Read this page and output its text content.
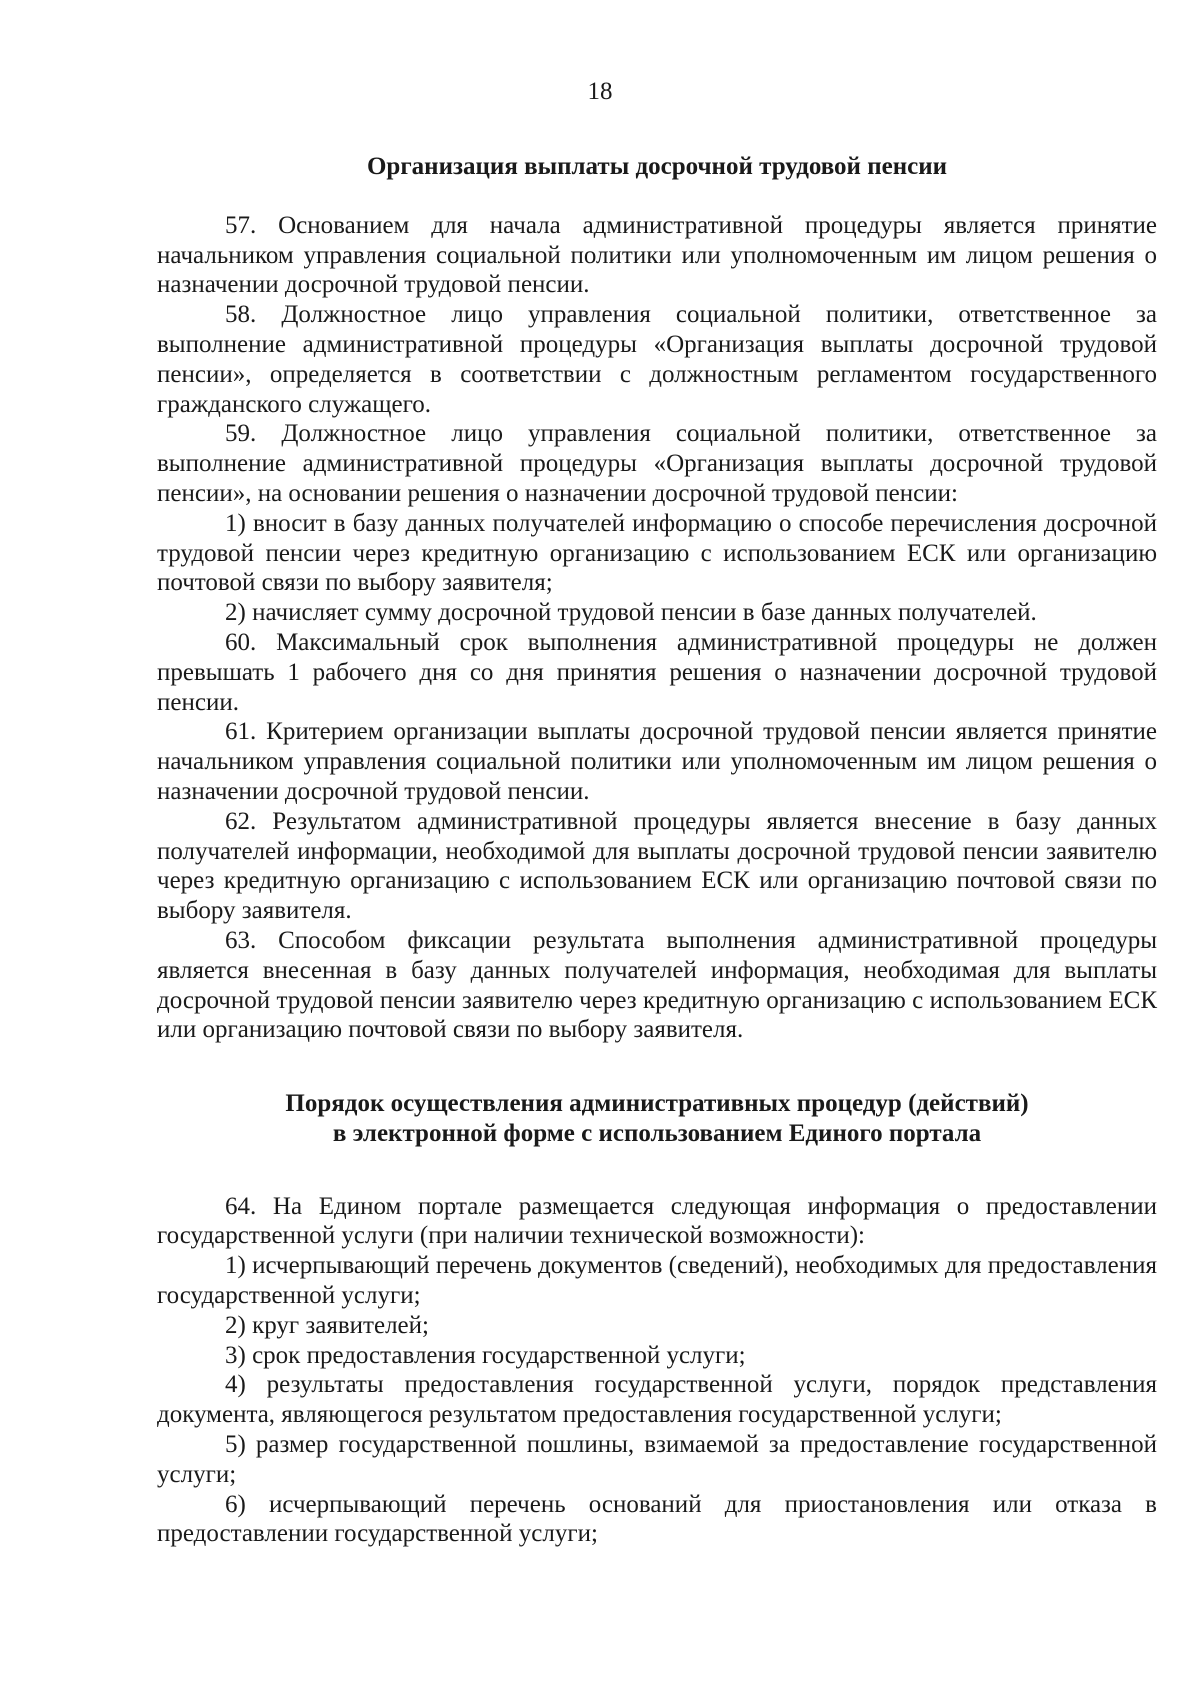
18
Организация выплаты досрочной трудовой пенсии

57. Основанием для начала административной процедуры является принятие начальником управления социальной политики или уполномоченным им лицом решения о назначении досрочной трудовой пенсии.

58. Должностное лицо управления социальной политики, ответственное за выполнение административной процедуры «Организация выплаты досрочной трудовой пенсии», определяется в соответствии с должностным регламентом государственного гражданского служащего.

59. Должностное лицо управления социальной политики, ответственное за выполнение административной процедуры «Организация выплаты досрочной трудовой пенсии», на основании решения о назначении досрочной трудовой пенсии:

1) вносит в базу данных получателей информацию о способе перечисления досрочной трудовой пенсии через кредитную организацию с использованием ЕСК или организацию почтовой связи по выбору заявителя;

2) начисляет сумму досрочной трудовой пенсии в базе данных получателей.

60. Максимальный срок выполнения административной процедуры не должен превышать 1 рабочего дня со дня принятия решения о назначении досрочной трудовой пенсии.

61. Критерием организации выплаты досрочной трудовой пенсии является принятие начальником управления социальной политики или уполномоченным им лицом решения о назначении досрочной трудовой пенсии.

62. Результатом административной процедуры является внесение в базу данных получателей информации, необходимой для выплаты досрочной трудовой пенсии заявителю через кредитную организацию с использованием ЕСК или организацию почтовой связи по выбору заявителя.

63. Способом фиксации результата выполнения административной процедуры является внесенная в базу данных получателей информация, необходимая для выплаты досрочной трудовой пенсии заявителю через кредитную организацию с использованием ЕСК или организацию почтовой связи по выбору заявителя.

Порядок осуществления административных процедур (действий)
в электронной форме с использованием Единого портала

64. На Едином портале размещается следующая информация о предоставлении государственной услуги (при наличии технической возможности):

1) исчерпывающий перечень документов (сведений), необходимых для предоставления государственной услуги;

2) круг заявителей;

3) срок предоставления государственной услуги;

4) результаты предоставления государственной услуги, порядок представления документа, являющегося результатом предоставления государственной услуги;

5) размер государственной пошлины, взимаемой за предоставление государственной услуги;

6) исчерпывающий перечень оснований для приостановления или отказа в предоставлении государственной услуги;
